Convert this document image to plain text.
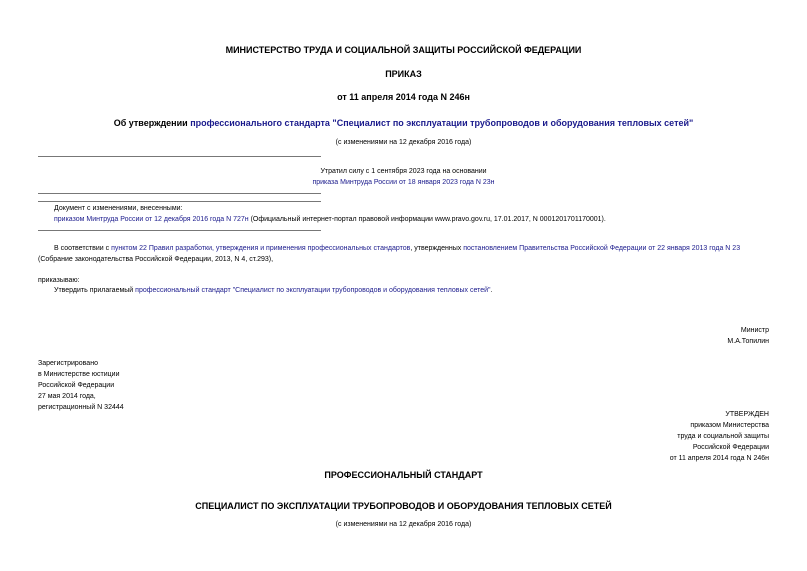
МИНИСТЕРСТВО ТРУДА И СОЦИАЛЬНОЙ ЗАЩИТЫ РОССИЙСКОЙ ФЕДЕРАЦИИ
ПРИКАЗ
от 11 апреля 2014 года N 246н
Об утверждении профессионального стандарта "Специалист по эксплуатации трубопроводов и оборудования тепловых сетей"
(с изменениями на 12 декабря 2016 года)
Утратил силу с 1 сентября 2023 года на основании
приказа Минтруда России от 18 января 2023 года N 23н
Документ с изменениями, внесенными:
приказом Минтруда России от 12 декабря 2016 года N 727н (Официальный интернет-портал правовой информации www.pravo.gov.ru, 17.01.2017, N 0001201701170001).
В соответствии с пунктом 22 Правил разработки, утверждения и применения профессиональных стандартов, утвержденных постановлением Правительства Российской Федерации от 22 января 2013 года N 23
(Собрание законодательства Российской Федерации, 2013, N 4, ст.293),
приказываю:
Утвердить прилагаемый профессиональный стандарт "Специалист по эксплуатации трубопроводов и оборудования тепловых сетей".
Министр
М.А.Топилин
Зарегистрировано
в Министерстве юстиции
Российской Федерации
27 мая 2014 года,
регистрационный N 32444
УТВЕРЖДЕН
приказом Министерства
труда и социальной защиты
Российской Федерации
от 11 апреля 2014 года N 246н
ПРОФЕССИОНАЛЬНЫЙ СТАНДАРТ
СПЕЦИАЛИСТ ПО ЭКСПЛУАТАЦИИ ТРУБОПРОВОДОВ И ОБОРУДОВАНИЯ ТЕПЛОВЫХ СЕТЕЙ
(с изменениями на 12 декабря 2016 года)
